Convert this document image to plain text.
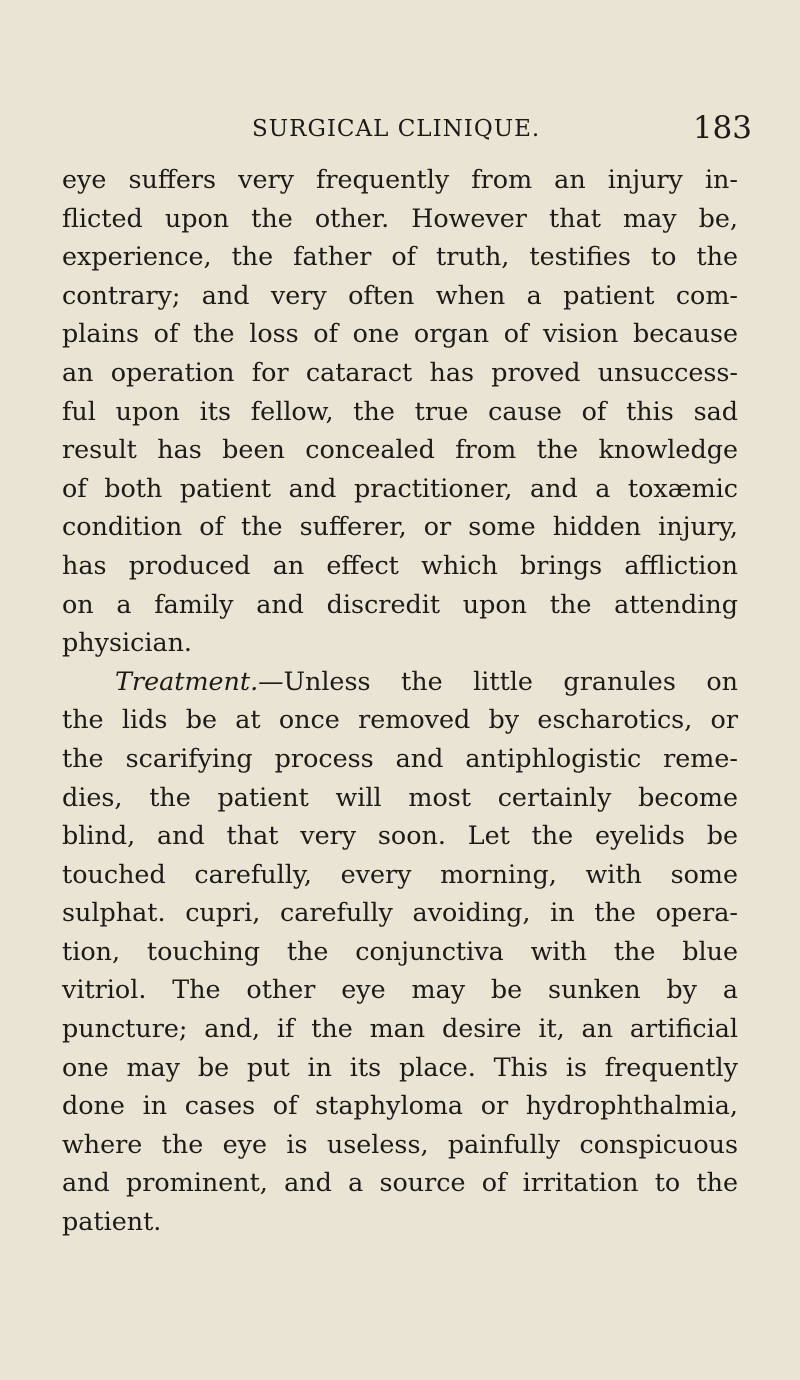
SURGICAL CLINIQUE.	183
eye suffers very frequently from an injury in-
flicted upon the other. However that may be,
experience, the father of truth, testifies to the
contrary; and very often when a patient com-
plains of the loss of one organ of vision because
an operation for cataract has proved unsuccess-
ful upon its fellow, the true cause of this sad
result has been concealed from the knowledge
of both patient and practitioner, and a toxæmic
condition of the sufferer, or some hidden injury,
has produced an effect which brings affliction
on a family and discredit upon the attending
physician.
Treatment.—Unless the little granules on
the lids be at once removed by escharotics, or
the scarifying process and antiphlogistic reme-
dies, the patient will most certainly become
blind, and that very soon. Let the eyelids be
touched carefully, every morning, with some
sulphat. cupri, carefully avoiding, in the opera-
tion, touching the conjunctiva with the blue
vitriol. The other eye may be sunken by a
puncture; and, if the man desire it, an artificial
one may be put in its place. This is frequently
done in cases of staphyloma or hydrophthalmia,
where the eye is useless, painfully conspicuous
and prominent, and a source of irritation to the
patient.
